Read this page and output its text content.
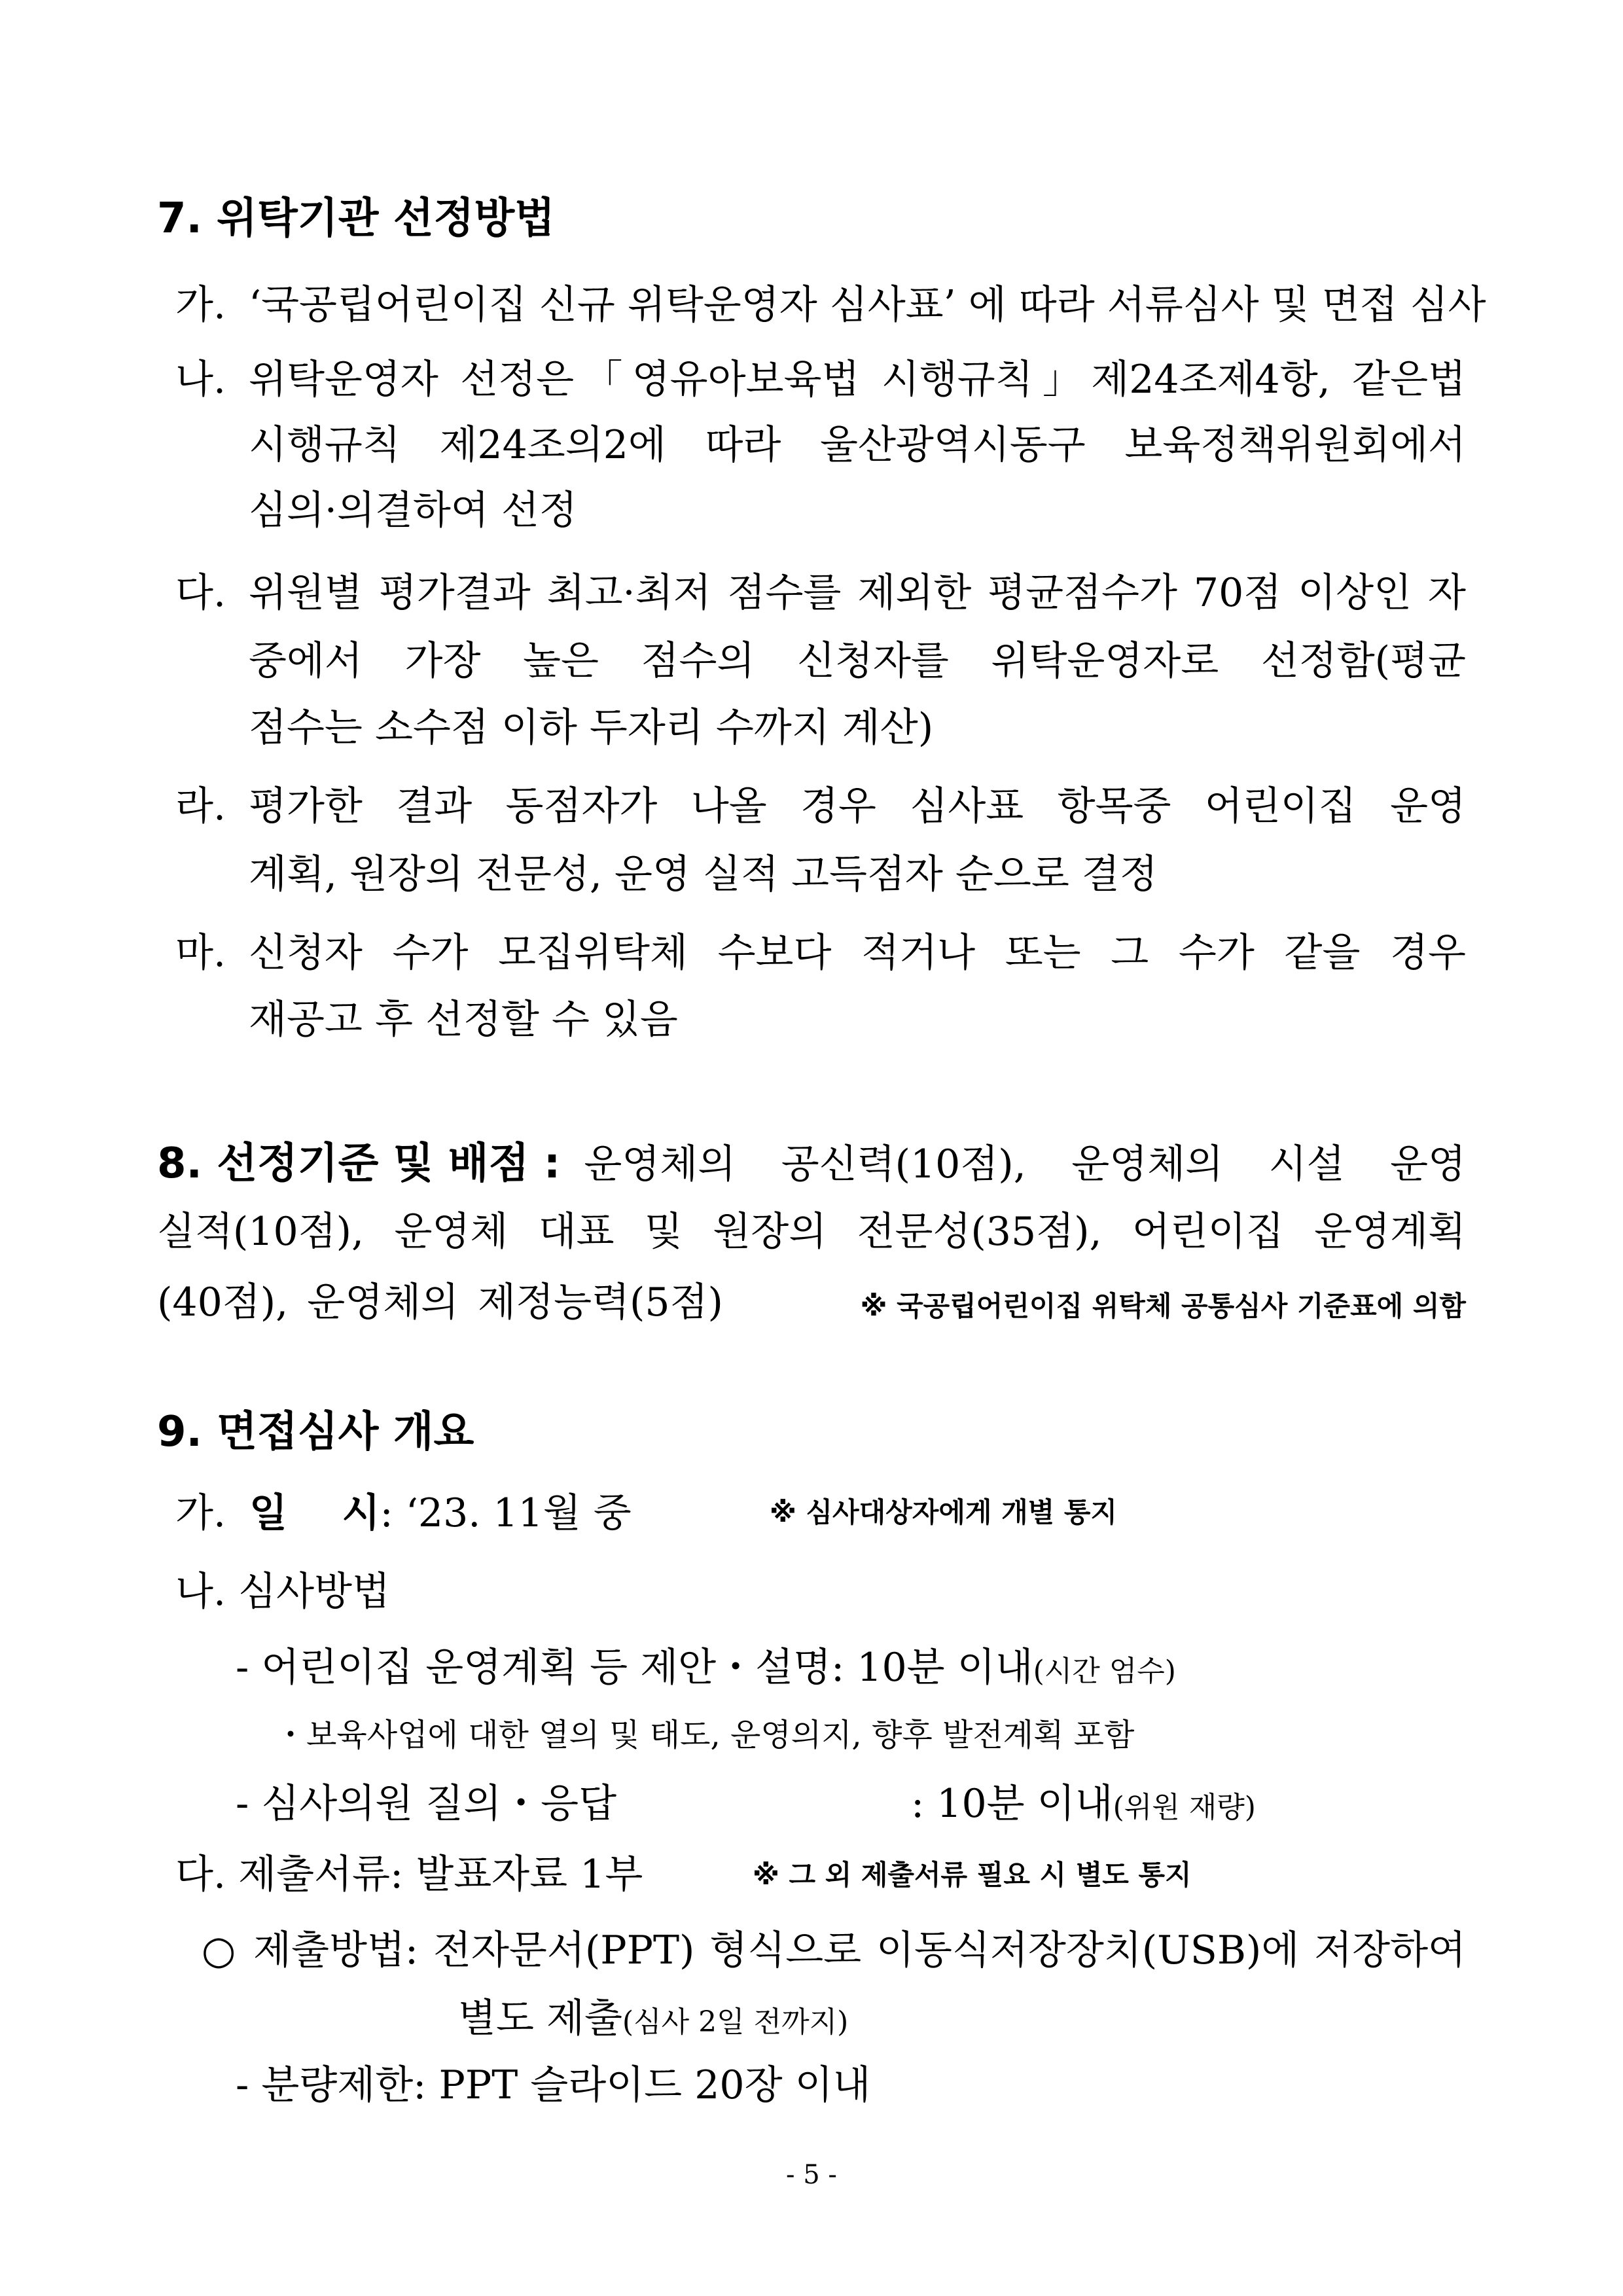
7. 위탁기관 선정방법
가. ‘국공립어린이집 신규 위탁운영자 심사표’ 에 따라 서류심사 및 면접 심사
나. 위탁운영자 선정은「영유아보육법 시행규칙」제24조제4항, 같은법
시행규칙 제24조의2에 따라 울산광역시동구 보육정책위원회에서
심의·의결하여 선정
다. 위원별 평가결과 최고·최저 점수를 제외한 평균점수가 70점 이상인 자
중에서 가장 높은 점수의 신청자를 위탁운영자로 선정함(평균
점수는 소수점 이하 두자리 수까지 계산)
라. 평가한 결과 동점자가 나올 경우 심사표 항목중 어린이집 운영
계획, 원장의 전문성, 운영 실적 고득점자 순으로 결정
마. 신청자 수가 모집위탁체 수보다 적거나 또는 그 수가 같을 경우
재공고 후 선정할 수 있음
8. 선정기준 및 배점 : 운영체의 공신력(10점), 운영체의 시설 운영
실적(10점), 운영체 대표 및 원장의 전문성(35점), 어린이집 운영계획
(40점), 운영체의 제정능력(5점)	※ 국공립어린이집 위탁체 공통심사 기준표에 의함
9. 면접심사 개요
가. 일    시 : ‘23. 11월 중	※ 심사대상자에게 개별 통지
나. 심사방법
- 어린이집 운영계획 등 제안・설명: 10분 이내 (시간 엄수)
・보육사업에 대한 열의 및 태도, 운영의지, 향후 발전계획 포함
- 심사의원 질의・응답	: 10분 이내 (위원 재량)
다. 제출서류: 발표자료 1부	※ 그 외 제출서류 필요 시 별도 통지
○ 제출방법: 전자문서(PPT) 형식으로 이동식저장장치(USB)에 저장하여
별도 제출 (심사 2일 전까지)
- 분량제한: PPT 슬라이드 20장 이내
- 5 -
